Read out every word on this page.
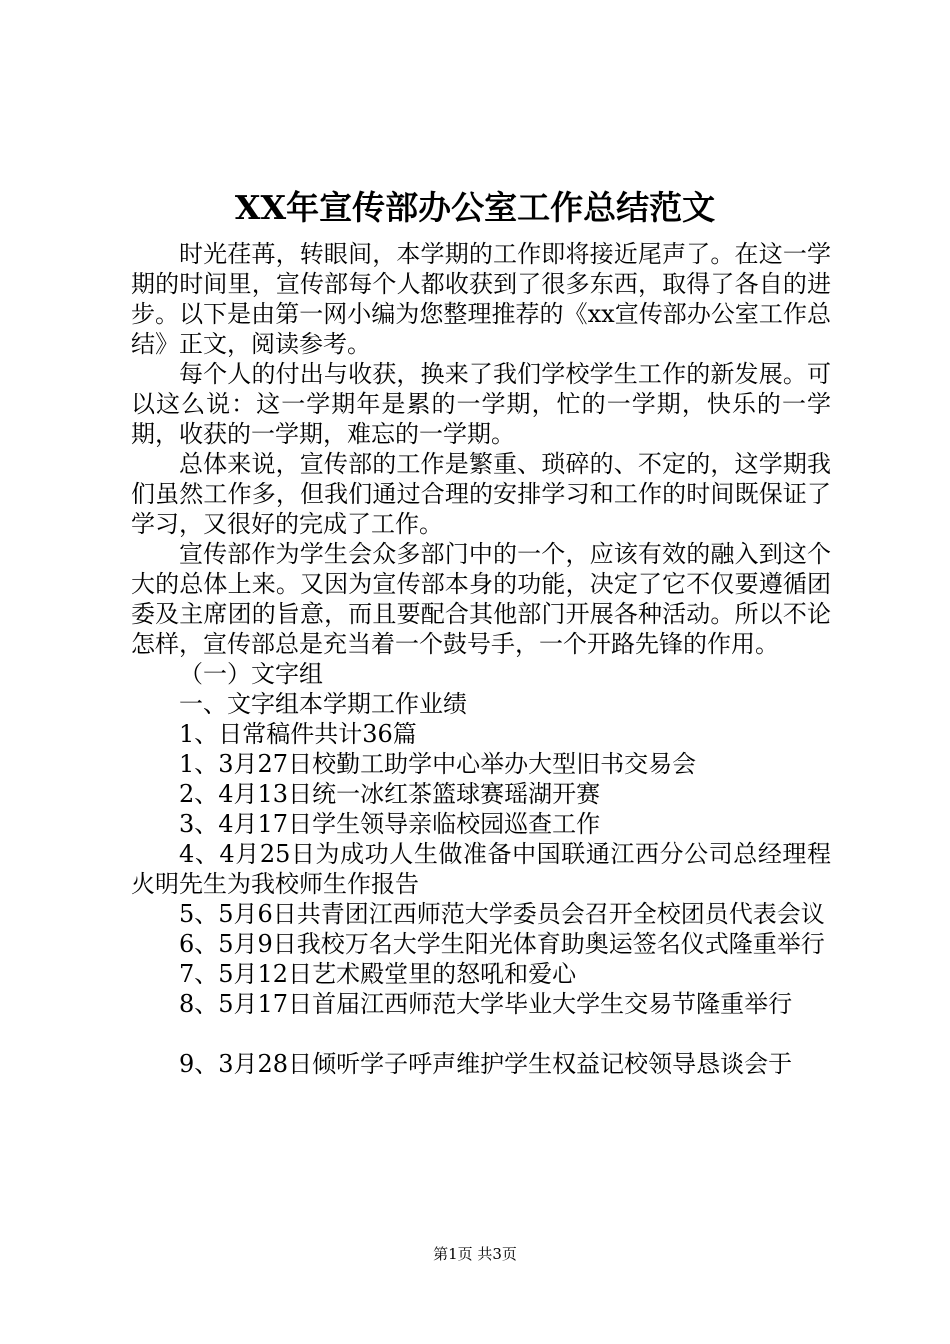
XX年宣传部办公室工作总结范文

时光荏苒，转眼间，本学期的工作即将接近尾声了。在这一学期的时间里，宣传部每个人都收获到了很多东西，取得了各自的进步。以下是由第一网小编为您整理推荐的《xx宣传部办公室工作总结》正文，阅读参考。

每个人的付出与收获，换来了我们学校学生工作的新发展。可以这么说：这一学期年是累的一学期，忙的一学期，快乐的一学期，收获的一学期，难忘的一学期。

总体来说，宣传部的工作是繁重、琐碎的、不定的，这学期我们虽然工作多，但我们通过合理的安排学习和工作的时间既保证了学习，又很好的完成了工作。

宣传部作为学生会众多部门中的一个，应该有效的融入到这个大的总体上来。又因为宣传部本身的功能，决定了它不仅要遵循团委及主席团的旨意，而且要配合其他部门开展各种活动。所以不论怎样，宣传部总是充当着一个鼓号手，一个开路先锋的作用。

（一）文字组

一、文字组本学期工作业绩

1、日常稿件共计36篇

1、3月27日校勤工助学中心举办大型旧书交易会

2、4月13日统一冰红茶篮球赛瑶湖开赛

3、4月17日学生领导亲临校园巡查工作

4、4月25日为成功人生做准备中国联通江西分公司总经理程火明先生为我校师生作报告

5、5月6日共青团江西师范大学委员会召开全校团员代表会议

6、5月9日我校万名大学生阳光体育助奥运签名仪式隆重举行

7、5月12日艺术殿堂里的怒吼和爱心

8、5月17日首届江西师范大学毕业大学生交易节隆重举行

9、3月28日倾听学子呼声维护学生权益记校领导恳谈会于

第1页 共3页
